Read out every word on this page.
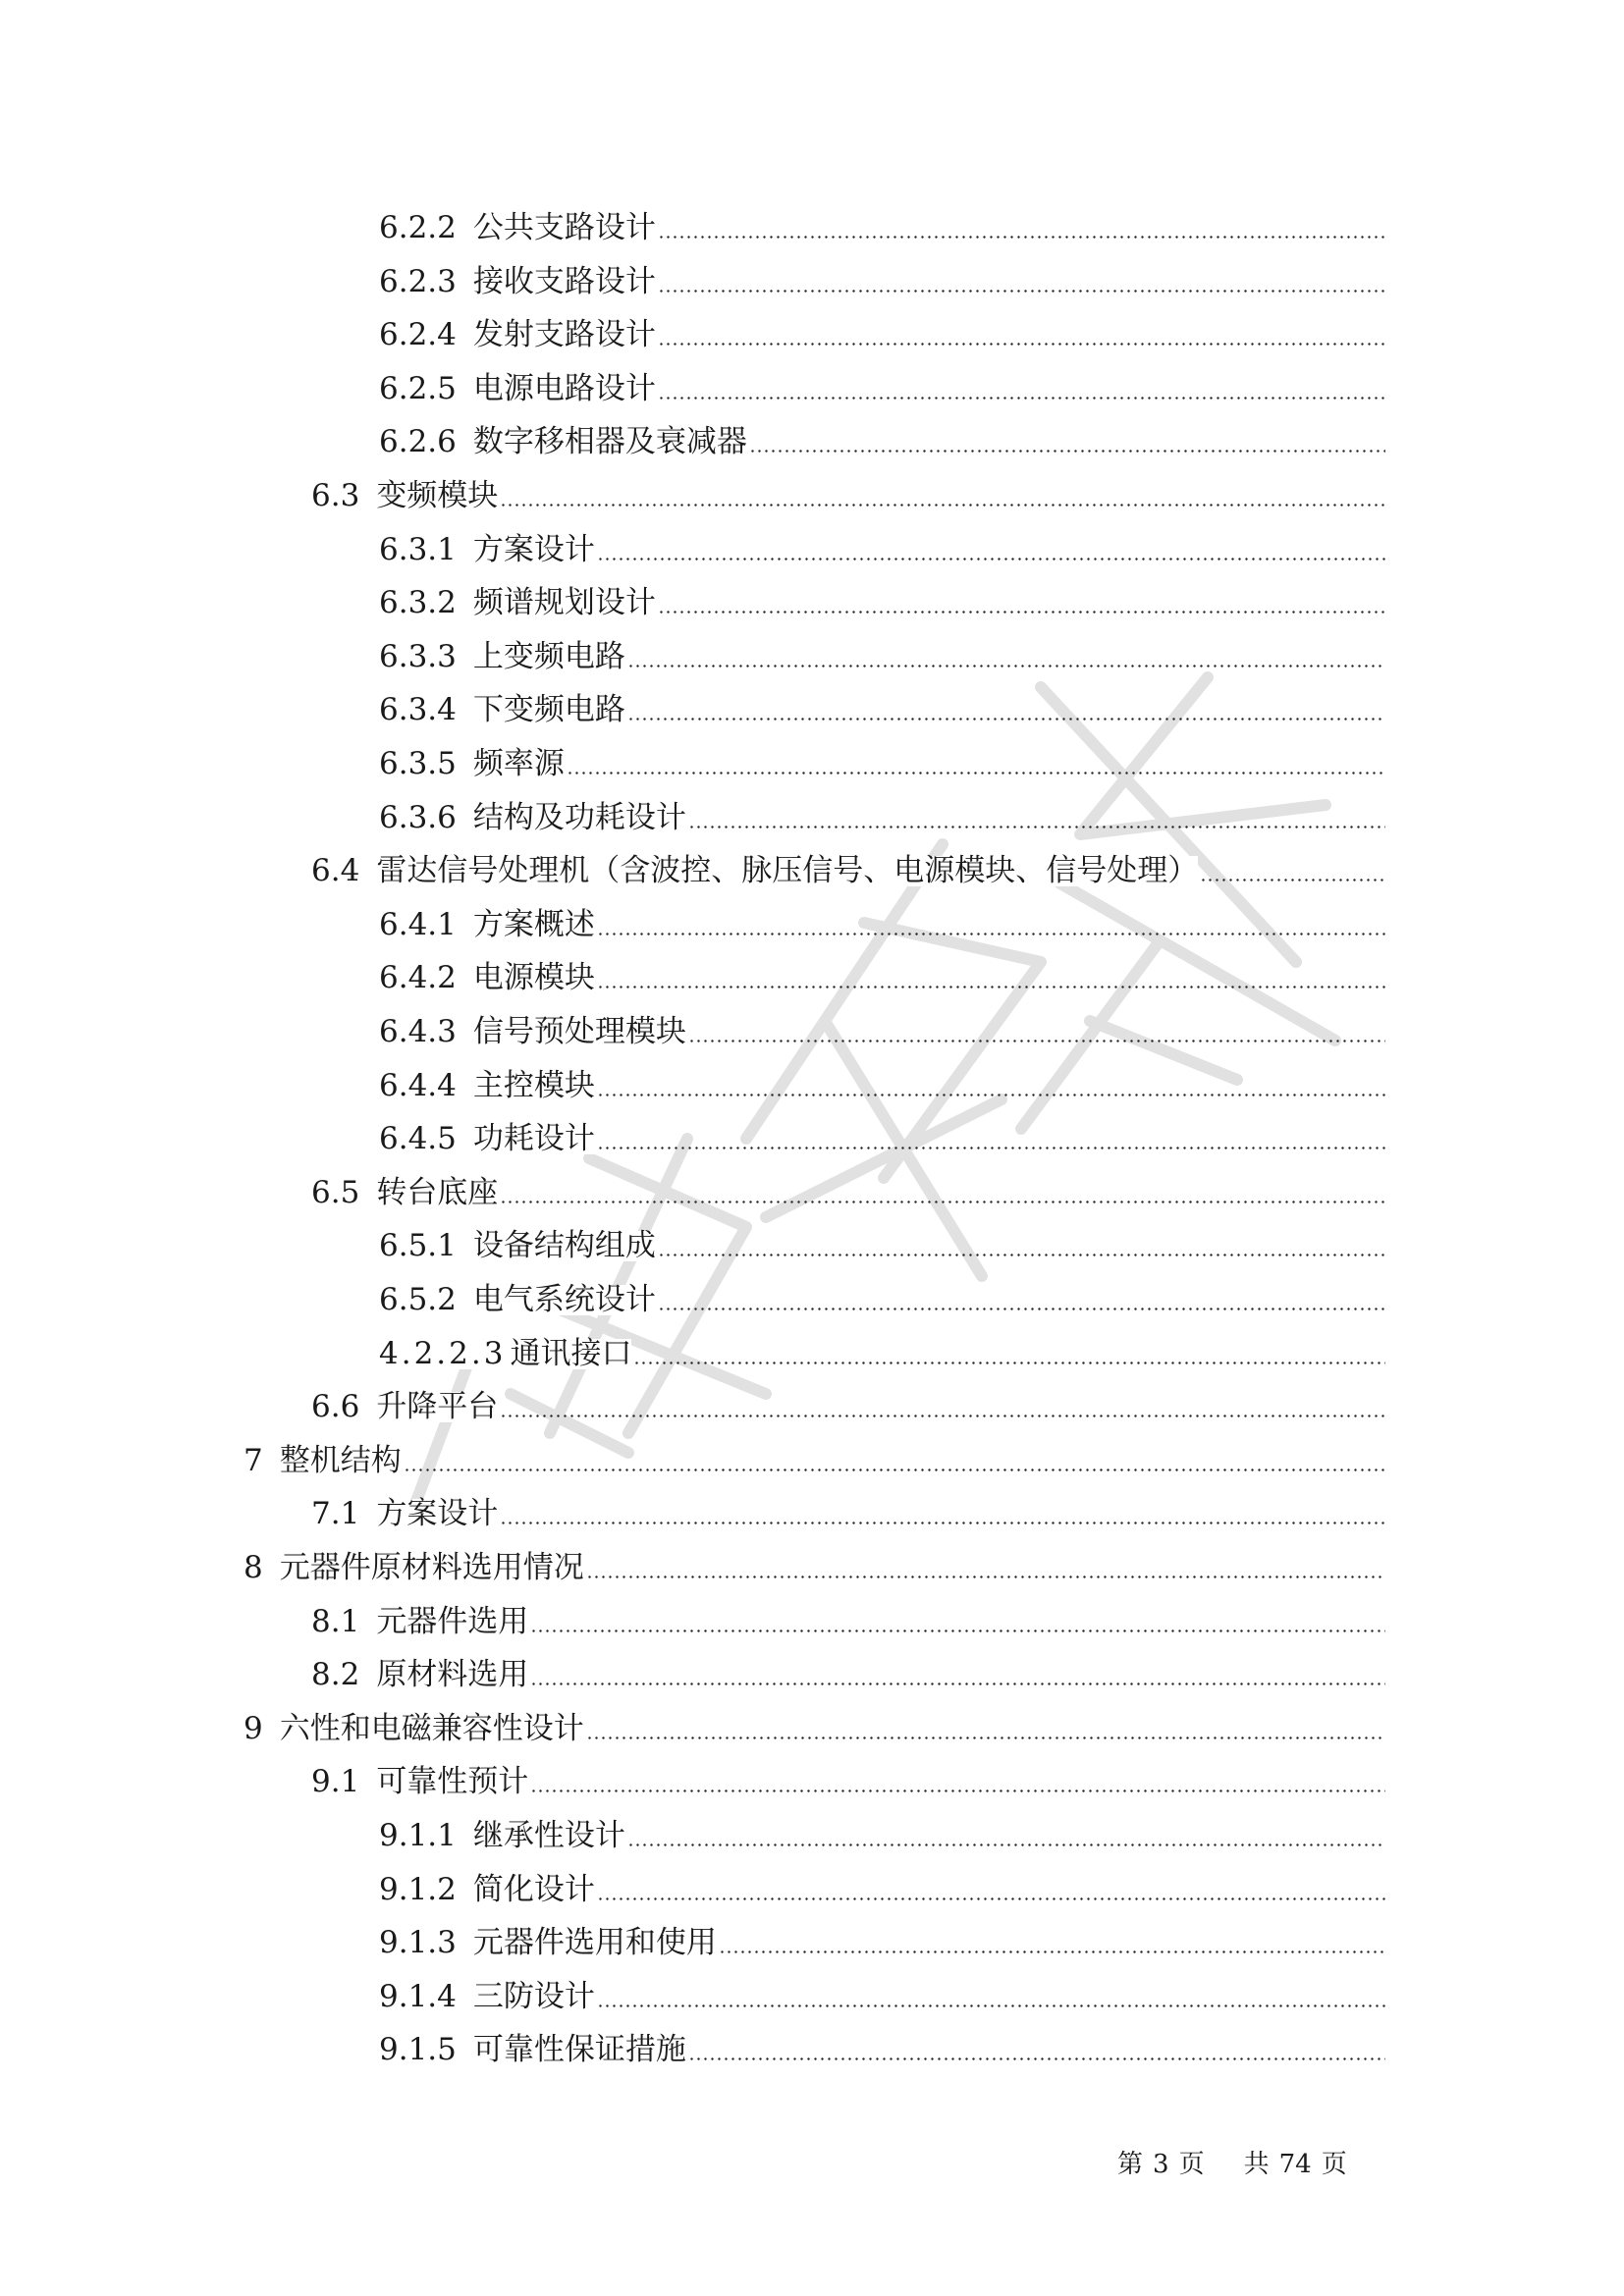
6.2.2 公共支路设计
6.2.3 接收支路设计
6.2.4 发射支路设计
6.2.5 电源电路设计
6.2.6 数字移相器及衰减器
6.3 变频模块
6.3.1 方案设计
6.3.2 频谱规划设计
6.3.3 上变频电路
6.3.4 下变频电路
6.3.5 频率源
6.3.6 结构及功耗设计
6.4 雷达信号处理机（含波控、脉压信号、电源模块、信号处理）
6.4.1 方案概述
6.4.2 电源模块
6.4.3 信号预处理模块
6.4.4 主控模块
6.4.5 功耗设计
6.5 转台底座
6.5.1 设备结构组成
6.5.2 电气系统设计
4.2.2.3 通讯接口
6.6 升降平台
7 整机结构
7.1 方案设计
8 元器件原材料选用情况
8.1 元器件选用
8.2 原材料选用
9 六性和电磁兼容性设计
9.1 可靠性预计
9.1.1 继承性设计
9.1.2 简化设计
9.1.3 元器件选用和使用
9.1.4 三防设计
9.1.5 可靠性保证措施
第 3 页 共 74 页
